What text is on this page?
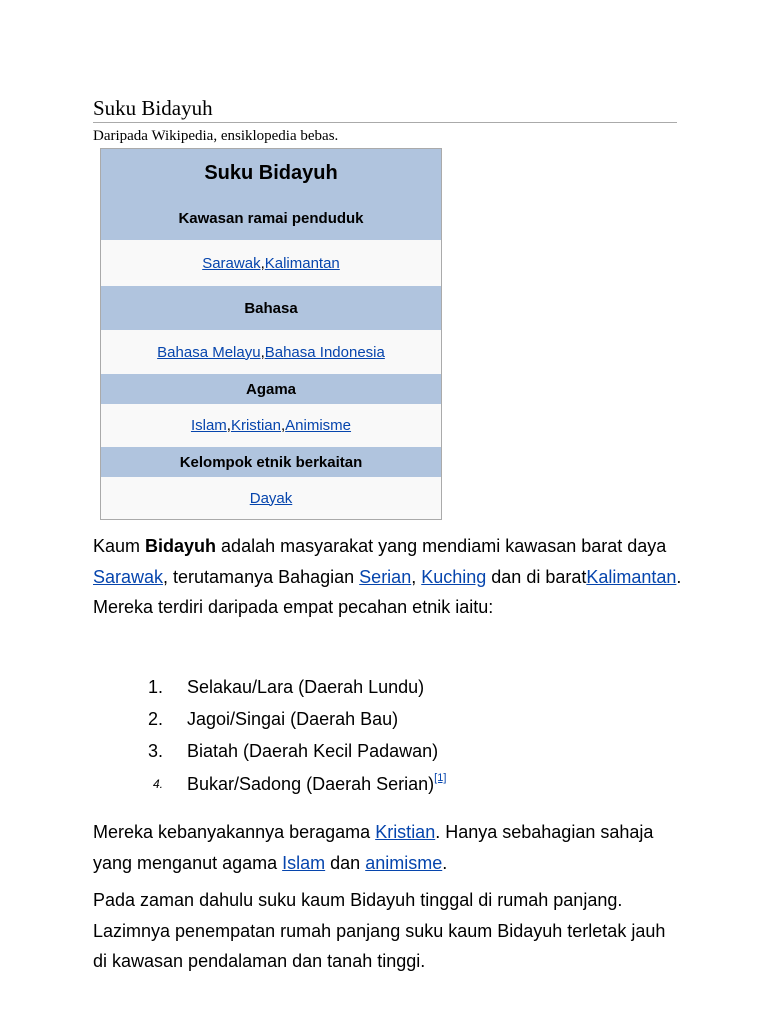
Suku Bidayuh
Daripada Wikipedia, ensiklopedia bebas.
Suku Bidayuh
Kawasan ramai penduduk
Sarawak , Kalimantan
Bahasa
Bahasa Melayu , Bahasa Indonesia
Agama
Islam , Kristian , Animisme
Kelompok etnik berkaitan
Dayak
Kaum Bidayuh adalah masyarakat yang mendiami kawasan barat daya Sarawak, terutamanya Bahagian Serian, Kuching dan di baratKalimantan. Mereka terdiri daripada empat pecahan etnik iaitu:
1. Selakau/Lara (Daerah Lundu)
2. Jagoi/Singai (Daerah Bau)
3. Biatah (Daerah Kecil Padawan)
4. Bukar/Sadong (Daerah Serian)[1]
Mereka kebanyakannya beragama Kristian. Hanya sebahagian sahaja yang menganut agama Islam dan animisme.
Pada zaman dahulu suku kaum Bidayuh tinggal di rumah panjang. Lazimnya penempatan rumah panjang suku kaum Bidayuh terletak jauh di kawasan pendalaman dan tanah tinggi.
